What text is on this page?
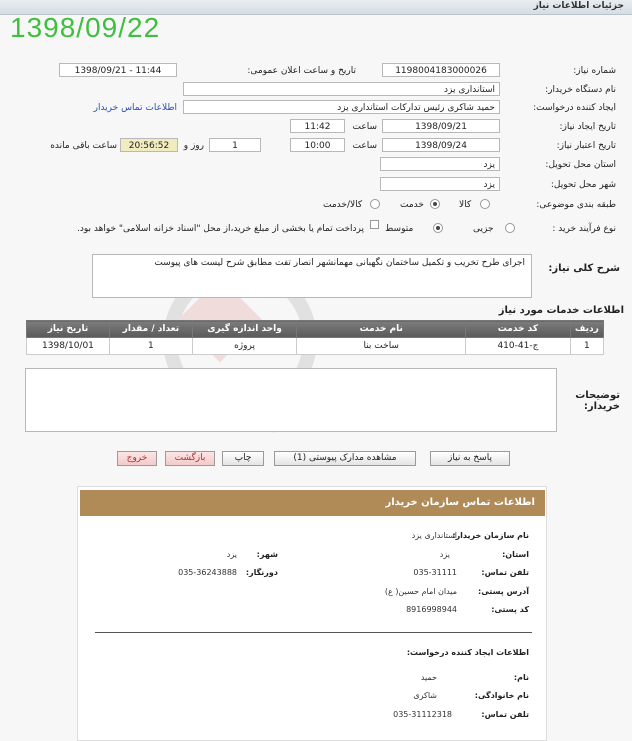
جزئیات اطلاعات نیاز
1398/09/22
شماره نیاز:
1198004183000026
تاریخ و ساعت اعلان عمومی:
1398/09/21 - 11:44
نام دستگاه خریدار:
استانداری یزد
ایجاد کننده درخواست:
حمید شاکری رئیس تدارکات استانداری یزد
اطلاعات تماس خریدار
تاریخ ایجاد نیاز:
1398/09/21
ساعت
11:42
تاریخ اعتبار نیاز:
1398/09/24
ساعت
10:00
1
روز و
20:56:52
ساعت باقی مانده
استان محل تحویل:
یزد
شهر محل تحویل:
یزد
طبقه بندی موضوعی:
کالا
خدمت
کالا/خدمت
نوع فرآیند خرید :
جزیی
متوسط
پرداخت تمام یا بخشی از مبلغ خرید،از محل "اسناد خزانه اسلامی" خواهد بود.
شرح کلی نیاز:
اجرای طرح تخریب و تکمیل ساختمان نگهبانی مهمانشهر انصار تفت مطابق شرح لیست های پیوست
اطلاعات خدمات مورد نیاز
ردیف	کد خدمت	نام خدمت	واحد اندازه گیری	تعداد / مقدار	تاریخ نیاز
1	ج-41-410	ساخت بنا	پروژه	1	1398/10/01
توضیحات خریدار:
پاسخ به نیاز
مشاهده مدارک پیوستی (1)
چاپ
بازگشت
خروج
اطلاعات تماس سازمان خریدار
نام سازمان خریدار:
استانداری یزد
استان:
یزد
شهر:
یزد
تلفن تماس:
035-31111
دورنگار:
035-36243888
آدرس پستی:
میدان امام حسین( ع)
کد پستی:
8916998944
اطلاعات ایجاد کننده درخواست:
نام:
حمید
نام خانوادگی:
شاکری
تلفن تماس:
035-31112318
